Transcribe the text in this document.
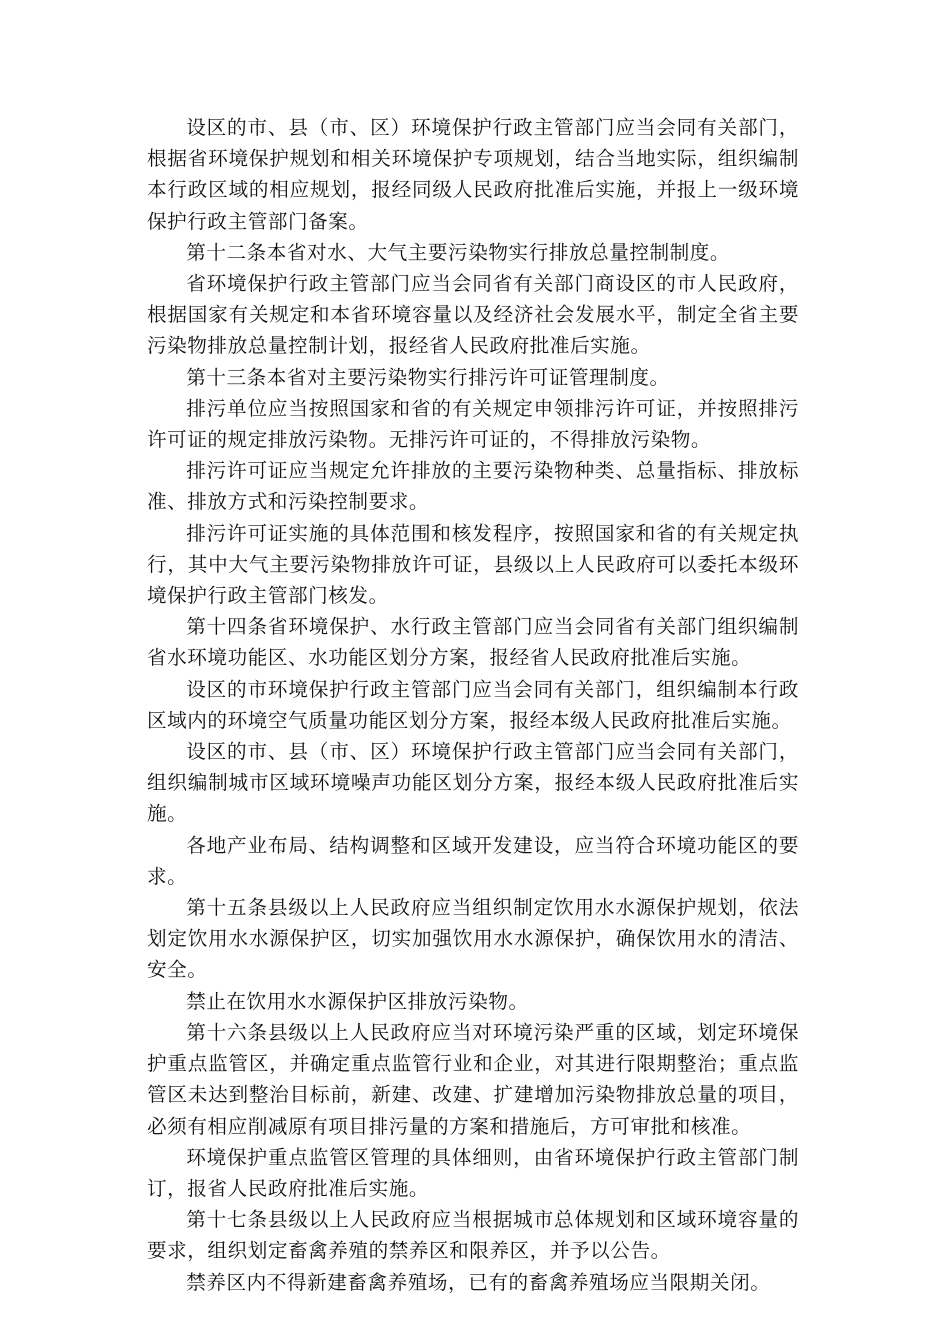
设区的市、县（市、区）环境保护行政主管部门应当会同有关部门，根据省环境保护规划和相关环境保护专项规划，结合当地实际，组织编制本行政区域的相应规划，报经同级人民政府批准后实施，并报上一级环境保护行政主管部门备案。

第十二条本省对水、大气主要污染物实行排放总量控制制度。

省环境保护行政主管部门应当会同省有关部门商设区的市人民政府，根据国家有关规定和本省环境容量以及经济社会发展水平，制定全省主要污染物排放总量控制计划，报经省人民政府批准后实施。

第十三条本省对主要污染物实行排污许可证管理制度。

排污单位应当按照国家和省的有关规定申领排污许可证，并按照排污许可证的规定排放污染物。无排污许可证的，不得排放污染物。

排污许可证应当规定允许排放的主要污染物种类、总量指标、排放标准、排放方式和污染控制要求。

排污许可证实施的具体范围和核发程序，按照国家和省的有关规定执行，其中大气主要污染物排放许可证，县级以上人民政府可以委托本级环境保护行政主管部门核发。

第十四条省环境保护、水行政主管部门应当会同省有关部门组织编制省水环境功能区、水功能区划分方案，报经省人民政府批准后实施。

设区的市环境保护行政主管部门应当会同有关部门，组织编制本行政区域内的环境空气质量功能区划分方案，报经本级人民政府批准后实施。

设区的市、县（市、区）环境保护行政主管部门应当会同有关部门，组织编制城市区域环境噪声功能区划分方案，报经本级人民政府批准后实施。

各地产业布局、结构调整和区域开发建设，应当符合环境功能区的要求。

第十五条县级以上人民政府应当组织制定饮用水水源保护规划，依法划定饮用水水源保护区，切实加强饮用水水源保护，确保饮用水的清洁、安全。

禁止在饮用水水源保护区排放污染物。

第十六条县级以上人民政府应当对环境污染严重的区域，划定环境保护重点监管区，并确定重点监管行业和企业，对其进行限期整治；重点监管区未达到整治目标前，新建、改建、扩建增加污染物排放总量的项目，必须有相应削减原有项目排污量的方案和措施后，方可审批和核准。

环境保护重点监管区管理的具体细则，由省环境保护行政主管部门制订，报省人民政府批准后实施。

第十七条县级以上人民政府应当根据城市总体规划和区域环境容量的要求，组织划定畜禽养殖的禁养区和限养区，并予以公告。

禁养区内不得新建畜禽养殖场，已有的畜禽养殖场应当限期关闭。
